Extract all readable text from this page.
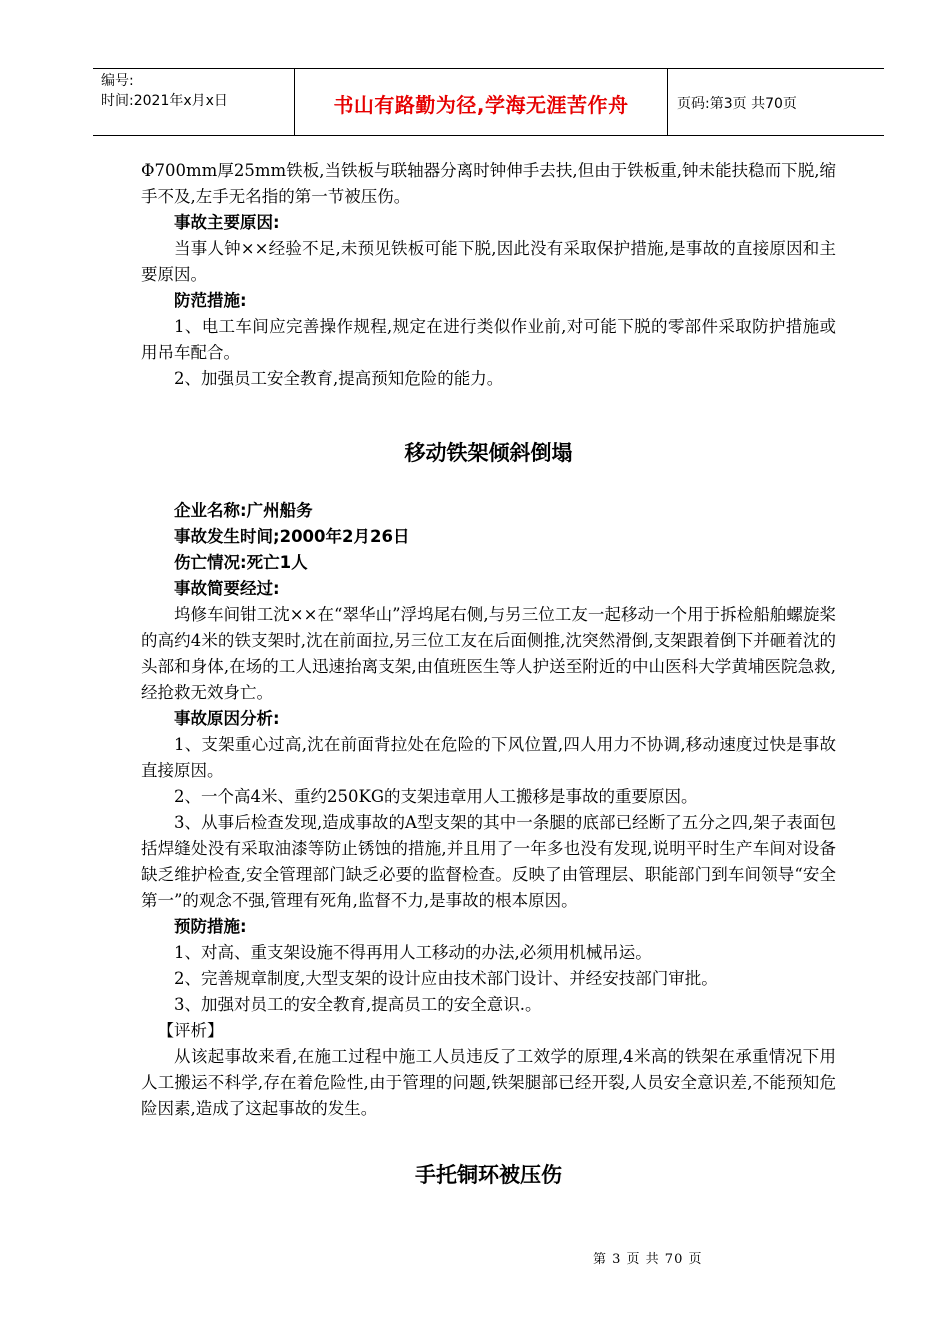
编号:
时间:2021年x月x日	书山有路勤为径,学海无涯苦作舟	页码:第3页 共70页

Φ700mm厚25mm铁板,当铁板与联轴器分离时钟伸手去扶,但由于铁板重,钟未能扶稳而下脱,缩手不及,左手无名指的第一节被压伤。

事故主要原因:

当事人钟××经验不足,未预见铁板可能下脱,因此没有采取保护措施,是事故的直接原因和主要原因。

防范措施:

1、电工车间应完善操作规程,规定在进行类似作业前,对可能下脱的零部件采取防护措施或用吊车配合。

2、加强员工安全教育,提高预知危险的能力。

移动铁架倾斜倒塌

企业名称:广州船务

事故发生时间;2000年2月26日

伤亡情况:死亡1人

事故简要经过:

坞修车间钳工沈××在“翠华山”浮坞尾右侧,与另三位工友一起移动一个用于拆检船舶螺旋桨的高约4米的铁支架时,沈在前面拉,另三位工友在后面侧推,沈突然滑倒,支架跟着倒下并砸着沈的头部和身体,在场的工人迅速抬离支架,由值班医生等人护送至附近的中山医科大学黄埔医院急救,经抢救无效身亡。

事故原因分析:

1、支架重心过高,沈在前面背拉处在危险的下风位置,四人用力不协调,移动速度过快是事故直接原因。

2、一个高4米、重约250KG的支架违章用人工搬移是事故的重要原因。

3、从事后检查发现,造成事故的A型支架的其中一条腿的底部已经断了五分之四,架子表面包括焊缝处没有采取油漆等防止锈蚀的措施,并且用了一年多也没有发现,说明平时生产车间对设备缺乏维护检查,安全管理部门缺乏必要的监督检查。反映了由管理层、职能部门到车间领导“安全第一”的观念不强,管理有死角,监督不力,是事故的根本原因。

预防措施:

1、对高、重支架设施不得再用人工移动的办法,必须用机械吊运。

2、完善规章制度,大型支架的设计应由技术部门设计、并经安技部门审批。

3、加强对员工的安全教育,提高员工的安全意识.。

【评析】

从该起事故来看,在施工过程中施工人员违反了工效学的原理,4米高的铁架在承重情况下用人工搬运不科学,存在着危险性,由于管理的问题,铁架腿部已经开裂,人员安全意识差,不能预知危险因素,造成了这起事故的发生。

手托铜环被压伤
第 3 页 共 70 页
